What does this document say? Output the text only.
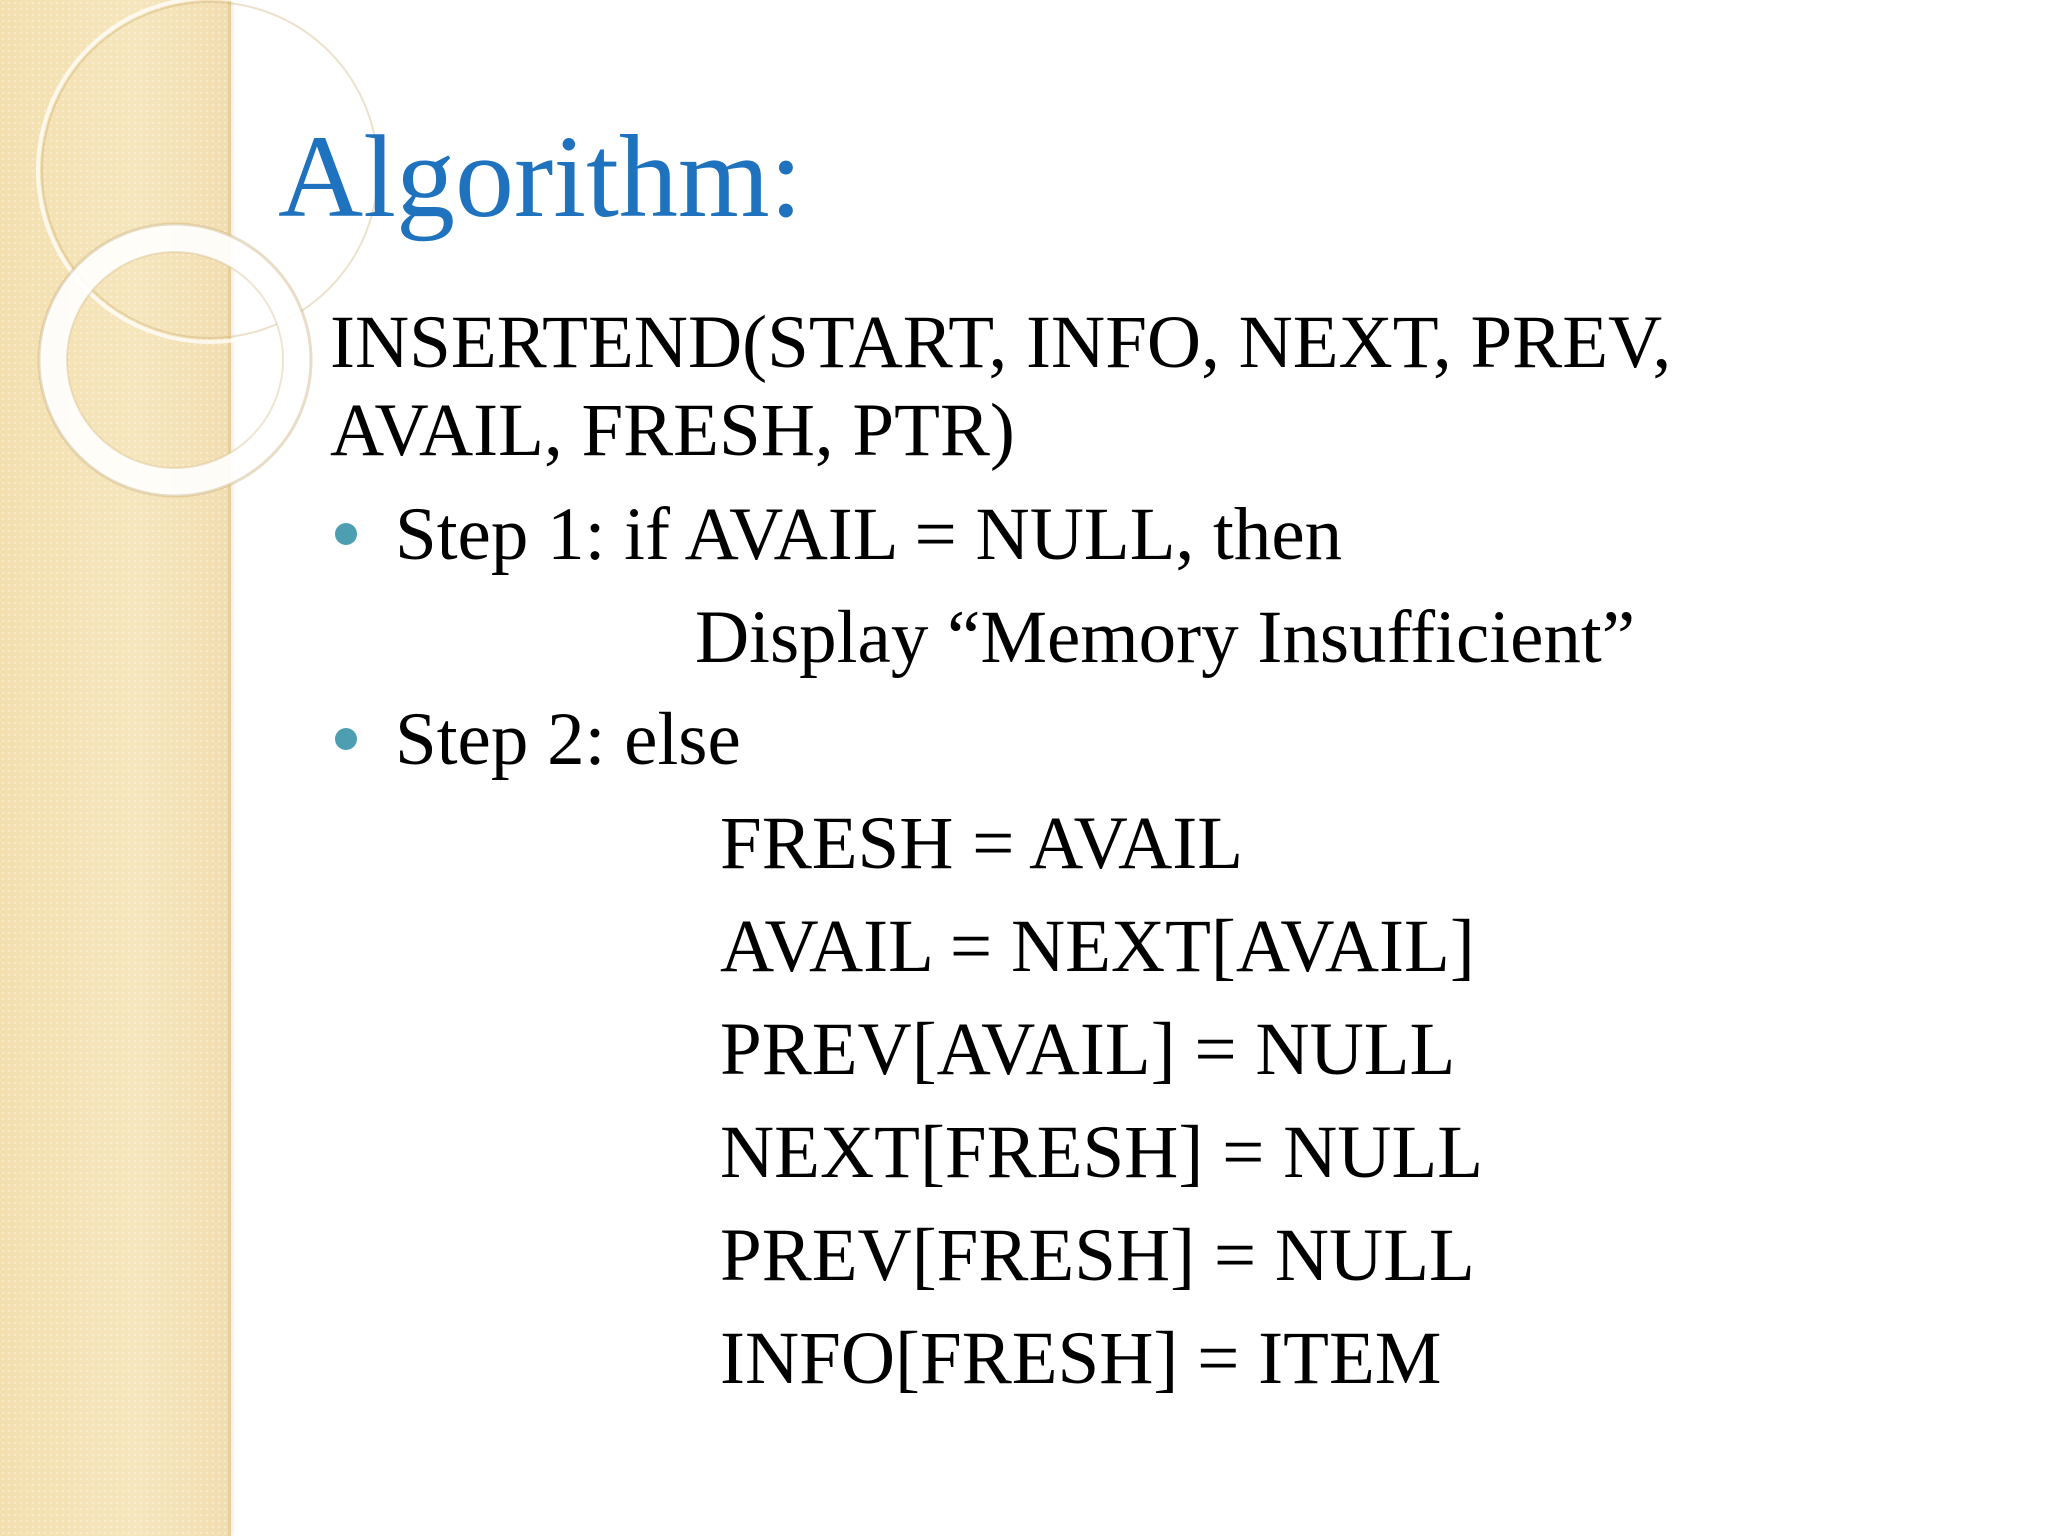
Algorithm:

INSERTEND(START, INFO, NEXT, PREV,

AVAIL, FRESH, PTR)

Step 1: if AVAIL = NULL, then

Display “Memory Insufficient”

Step 2: else

FRESH = AVAIL

AVAIL = NEXT[AVAIL]

PREV[AVAIL] = NULL

NEXT[FRESH] = NULL

PREV[FRESH] = NULL

INFO[FRESH] = ITEM
